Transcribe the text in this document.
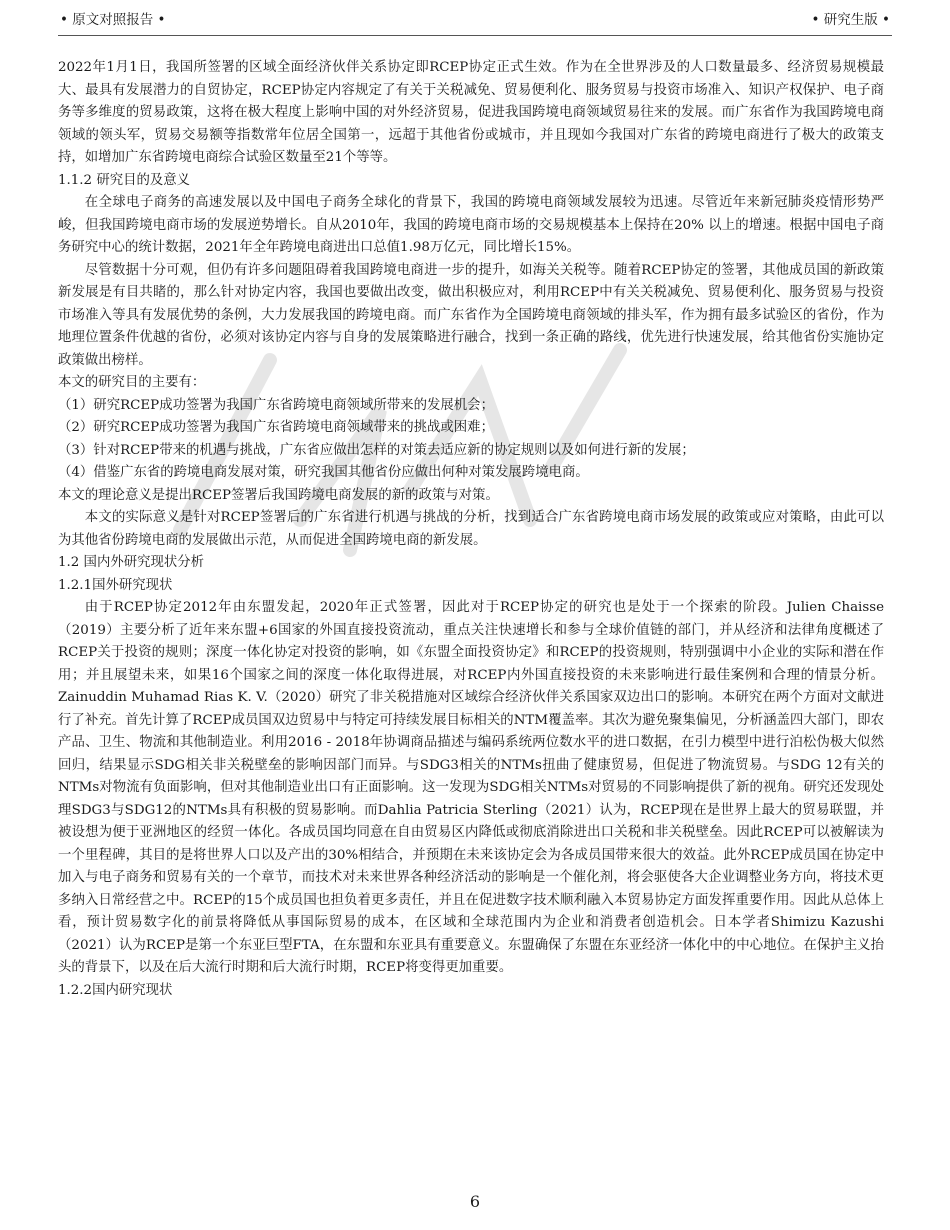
• 原文对照报告 •	• 研究生版 •

2022年1月1日，我国所签署的区域全面经济伙伴关系协定即RCEP协定正式生效。作为在全世界涉及的人口数量最多、经济贸易规模最大、最具有发展潜力的自贸协定，RCEP协定内容规定了有关于关税减免、贸易便利化、服务贸易与投资市场准入、知识产权保护、电子商务等多维度的贸易政策，这将在极大程度上影响中国的对外经济贸易，促进我国跨境电商领域贸易往来的发展。而广东省作为我国跨境电商领域的领头军，贸易交易额等指数常年位居全国第一，远超于其他省份或城市，并且现如今我国对广东省的跨境电商进行了极大的政策支持，如增加广东省跨境电商综合试验区数量至21个等等。

1.1.2 研究目的及意义

在全球电子商务的高速发展以及中国电子商务全球化的背景下，我国的跨境电商领域发展较为迅速。尽管近年来新冠肺炎疫情形势严峻，但我国跨境电商市场的发展逆势增长。自从2010年，我国的跨境电商市场的交易规模基本上保持在20% 以上的增速。根据中国电子商务研究中心的统计数据，2021年全年跨境电商进出口总值1.98万亿元，同比增长15%。

尽管数据十分可观，但仍有许多问题阻碍着我国跨境电商进一步的提升，如海关关税等。随着RCEP协定的签署，其他成员国的新政策新发展是有目共睹的，那么针对协定内容，我国也要做出改变，做出积极应对，利用RCEP中有关关税减免、贸易便利化、服务贸易与投资市场准入等具有发展优势的条例，大力发展我国的跨境电商。而广东省作为全国跨境电商领域的排头军，作为拥有最多试验区的省份，作为地理位置条件优越的省份，必须对该协定内容与自身的发展策略进行融合，找到一条正确的路线，优先进行快速发展，给其他省份实施协定政策做出榜样。

本文的研究目的主要有：

（1）研究RCEP成功签署为我国广东省跨境电商领域所带来的发展机会；

（2）研究RCEP成功签署为我国广东省跨境电商领域带来的挑战或困难；

（3）针对RCEP带来的机遇与挑战，广东省应做出怎样的对策去适应新的协定规则以及如何进行新的发展；

（4）借鉴广东省的跨境电商发展对策，研究我国其他省份应做出何种对策发展跨境电商。

本文的理论意义是提出RCEP签署后我国跨境电商发展的新的政策与对策。

本文的实际意义是针对RCEP签署后的广东省进行机遇与挑战的分析，找到适合广东省跨境电商市场发展的政策或应对策略，由此可以为其他省份跨境电商的发展做出示范，从而促进全国跨境电商的新发展。

1.2 国内外研究现状分析

1.2.1国外研究现状

由于RCEP协定2012年由东盟发起，2020年正式签署，因此对于RCEP协定的研究也是处于一个探索的阶段。Julien Chaisse（2019）主要分析了近年来东盟+6国家的外国直接投资流动，重点关注快速增长和参与全球价值链的部门，并从经济和法律角度概述了RCEP关于投资的规则；深度一体化协定对投资的影响，如《东盟全面投资协定》和RCEP的投资规则，特别强调中小企业的实际和潜在作用；并且展望未来，如果16个国家之间的深度一体化取得进展，对RCEP内外国直接投资的未来影响进行最佳案例和合理的情景分析。Zainuddin Muhamad Rias K. V.（2020）研究了非关税措施对区域综合经济伙伴关系国家双边出口的影响。本研究在两个方面对文献进行了补充。首先计算了RCEP成员国双边贸易中与特定可持续发展目标相关的NTM覆盖率。其次为避免聚集偏见，分析涵盖四大部门，即农产品、卫生、物流和其他制造业。利用2016 - 2018年协调商品描述与编码系统两位数水平的进口数据，在引力模型中进行泊松伪极大似然回归，结果显示SDG相关非关税壁垒的影响因部门而异。与SDG3相关的NTMs扭曲了健康贸易，但促进了物流贸易。与SDG 12有关的NTMs对物流有负面影响，但对其他制造业出口有正面影响。这一发现为SDG相关NTMs对贸易的不同影响提供了新的视角。研究还发现处理SDG3与SDG12的NTMs具有积极的贸易影响。而Dahlia Patricia Sterling（2021）认为，RCEP现在是世界上最大的贸易联盟，并被设想为便于亚洲地区的经贸一体化。各成员国均同意在自由贸易区内降低或彻底消除进出口关税和非关税壁垒。因此RCEP可以被解读为一个里程碑，其目的是将世界人口以及产出的30%相结合，并预期在未来该协定会为各成员国带来很大的效益。此外RCEP成员国在协定中加入与电子商务和贸易有关的一个章节，而技术对未来世界各种经济活动的影响是一个催化剂，将会驱使各大企业调整业务方向，将技术更多纳入日常经营之中。RCEP的15个成员国也担负着更多责任，并且在促进数字技术顺利融入本贸易协定方面发挥重要作用。因此从总体上看，预计贸易数字化的前景将降低从事国际贸易的成本，在区域和全球范围内为企业和消费者创造机会。日本学者Shimizu Kazushi（2021）认为RCEP是第一个东亚巨型FTA，在东盟和东亚具有重要意义。东盟确保了东盟在东亚经济一体化中的中心地位。在保护主义抬头的背景下，以及在后大流行时期和后大流行时期，RCEP将变得更加重要。

1.2.2国内研究现状

6
